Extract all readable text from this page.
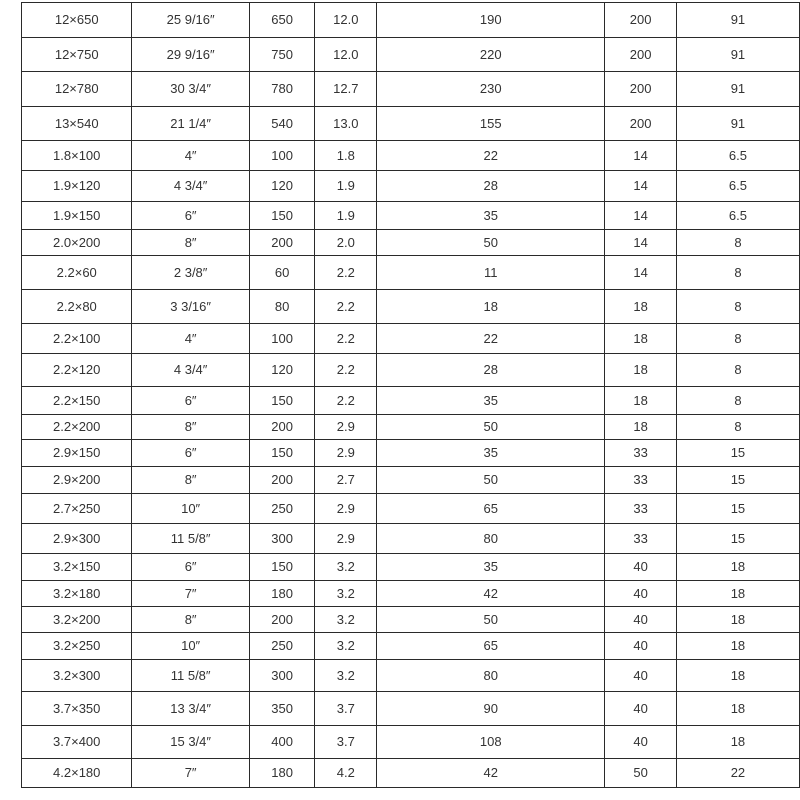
12×650	25 9/16″	650	12.0	190	200	91
12×750	29 9/16″	750	12.0	220	200	91
12×780	30 3/4″	780	12.7	230	200	91
13×540	21 1/4″	540	13.0	155	200	91
1.8×100	4″	100	1.8	22	14	6.5
1.9×120	4 3/4″	120	1.9	28	14	6.5
1.9×150	6″	150	1.9	35	14	6.5
2.0×200	8″	200	2.0	50	14	8
2.2×60	2 3/8″	60	2.2	11	14	8
2.2×80	3 3/16″	80	2.2	18	18	8
2.2×100	4″	100	2.2	22	18	8
2.2×120	4 3/4″	120	2.2	28	18	8
2.2×150	6″	150	2.2	35	18	8
2.2×200	8″	200	2.9	50	18	8
2.9×150	6″	150	2.9	35	33	15
2.9×200	8″	200	2.7	50	33	15
2.7×250	10″	250	2.9	65	33	15
2.9×300	11 5/8″	300	2.9	80	33	15
3.2×150	6″	150	3.2	35	40	18
3.2×180	7″	180	3.2	42	40	18
3.2×200	8″	200	3.2	50	40	18
3.2×250	10″	250	3.2	65	40	18
3.2×300	11 5/8″	300	3.2	80	40	18
3.7×350	13 3/4″	350	3.7	90	40	18
3.7×400	15 3/4″	400	3.7	108	40	18
4.2×180	7″	180	4.2	42	50	22
